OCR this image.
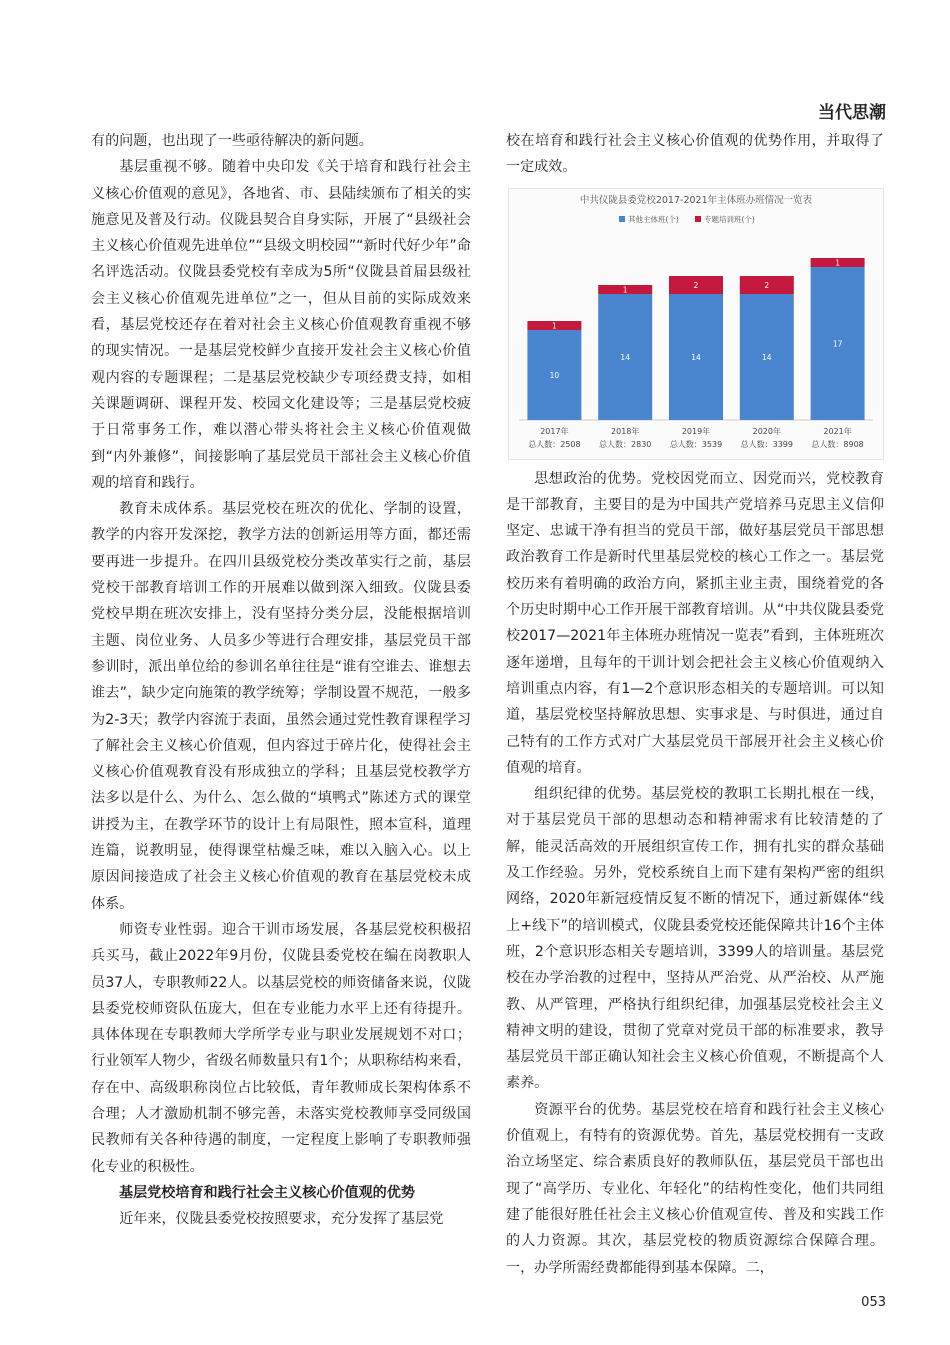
当代思潮

有的问题，也出现了一些亟待解决的新问题。

基层重视不够。随着中央印发《关于培育和践行社会主义核心价值观的意见》，各地省、市、县陆续颁布了相关的实施意见及普及行动。仪陇县契合自身实际，开展了“县级社会主义核心价值观先进单位”“县级文明校园”“新时代好少年”命名评选活动。仪陇县委党校有幸成为5所“仪陇县首届县级社会主义核心价值观先进单位”之一，但从目前的实际成效来看，基层党校还存在着对社会主义核心价值观教育重视不够的现实情况。一是基层党校鲜少直接开发社会主义核心价值观内容的专题课程；二是基层党校缺少专项经费支持，如相关课题调研、课程开发、校园文化建设等；三是基层党校疲于日常事务工作，难以潜心带头将社会主义核心价值观做到“内外兼修”，间接影响了基层党员干部社会主义核心价值观的培育和践行。

教育未成体系。基层党校在班次的优化、学制的设置，教学的内容开发深挖，教学方法的创新运用等方面，都还需要再进一步提升。在四川县级党校分类改革实行之前，基层党校干部教育培训工作的开展难以做到深入细致。仪陇县委党校早期在班次安排上，没有坚持分类分层，没能根据培训主题、岗位业务、人员多少等进行合理安排，基层党员干部参训时，派出单位给的参训名单往往是“谁有空谁去、谁想去谁去”，缺少定向施策的教学统筹；学制设置不规范，一般多为2-3天；教学内容流于表面，虽然会通过党性教育课程学习了解社会主义核心价值观，但内容过于碎片化，使得社会主义核心价值观教育没有形成独立的学科；且基层党校教学方法多以是什么、为什么、怎么做的“填鸭式”陈述方式的课堂讲授为主，在教学环节的设计上有局限性，照本宣科，道理连篇，说教明显，使得课堂枯燥乏味，难以入脑入心。以上原因间接造成了社会主义核心价值观的教育在基层党校未成体系。

师资专业性弱。迎合干训市场发展，各基层党校积极招兵买马，截止2022年9月份，仪陇县委党校在编在岗教职人员37人，专职教师22人。以基层党校的师资储备来说，仪陇县委党校师资队伍庞大，但在专业能力水平上还有待提升。具体体现在专职教师大学所学专业与职业发展规划不对口；行业领军人物少，省级名师数量只有1个；从职称结构来看，存在中、高级职称岗位占比较低，青年教师成长架构体系不合理；人才激励机制不够完善，未落实党校教师享受同级国民教师有关各种待遇的制度，一定程度上影响了专职教师强化专业的积极性。

基层党校培育和践行社会主义核心价值观的优势

近年来，仪陇县委党校按照要求，充分发挥了基层党

校在培育和践行社会主义核心价值观的优势作用，并取得了一定成效。

中共仪陇县委党校2017-2021年主体班办班情况一览表
其他主体班(个)	专题培训班(个)
10
1
2017年
总人数：2508
14
1
2018年
总人数：2830
14
2
2019年
总人数：3539
14
2
2020年
总人数：3399
17
1
2021年
总人数：8908

思想政治的优势。党校因党而立、因党而兴，党校教育是干部教育，主要目的是为中国共产党培养马克思主义信仰坚定、忠诚干净有担当的党员干部，做好基层党员干部思想政治教育工作是新时代里基层党校的核心工作之一。基层党校历来有着明确的政治方向，紧抓主业主责，围绕着党的各个历史时期中心工作开展干部教育培训。从“中共仪陇县委党校2017—2021年主体班办班情况一览表”看到，主体班班次逐年递增，且每年的干训计划会把社会主义核心价值观纳入培训重点内容，有1—2个意识形态相关的专题培训。可以知道，基层党校坚持解放思想、实事求是、与时俱进，通过自己特有的工作方式对广大基层党员干部展开社会主义核心价值观的培育。

组织纪律的优势。基层党校的教职工长期扎根在一线，对于基层党员干部的思想动态和精神需求有比较清楚的了解，能灵活高效的开展组织宣传工作，拥有扎实的群众基础及工作经验。另外，党校系统自上而下建有架构严密的组织网络，2020年新冠疫情反复不断的情况下，通过新媒体“线上+线下”的培训模式，仪陇县委党校还能保障共计16个主体班，2个意识形态相关专题培训，3399人的培训量。基层党校在办学治教的过程中，坚持从严治党、从严治校、从严施教、从严管理，严格执行组织纪律，加强基层党校社会主义精神文明的建设，贯彻了党章对党员干部的标准要求，教导基层党员干部正确认知社会主义核心价值观，不断提高个人素养。

资源平台的优势。基层党校在培育和践行社会主义核心价值观上，有特有的资源优势。首先，基层党校拥有一支政治立场坚定、综合素质良好的教师队伍，基层党员干部也出现了“高学历、专业化、年轻化”的结构性变化，他们共同组建了能很好胜任社会主义核心价值观宣传、普及和实践工作的人力资源。其次，基层党校的物质资源综合保障合理。一，办学所需经费都能得到基本保障。二，

053
